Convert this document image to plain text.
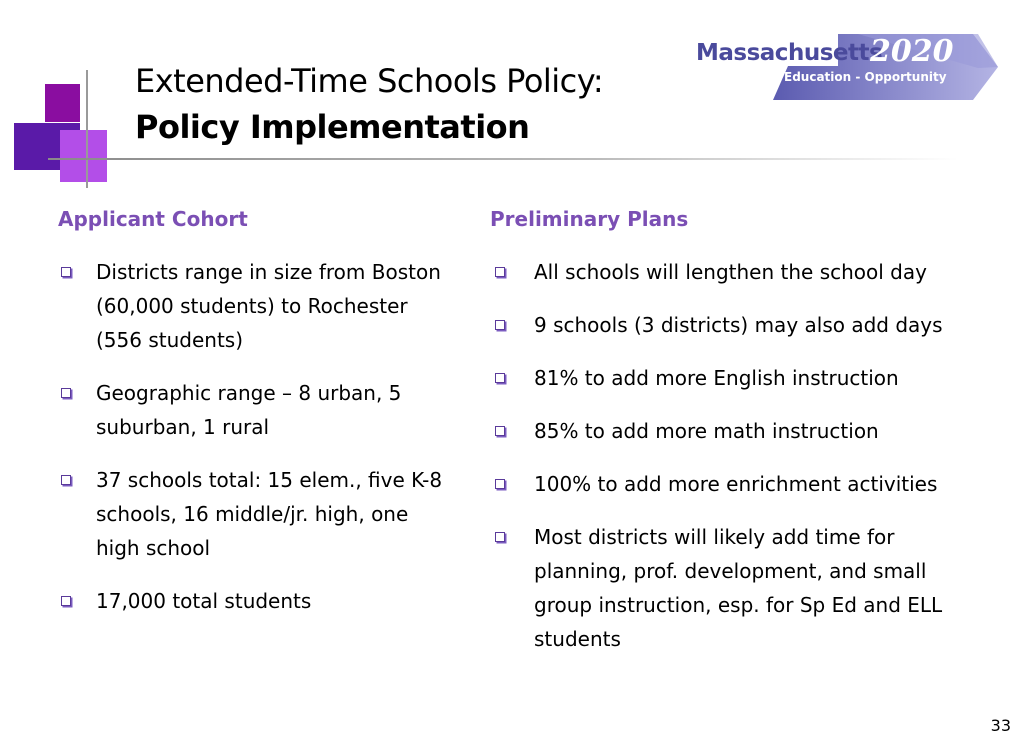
Extended-Time Schools Policy:
Policy Implementation
Massachusetts
2020
Education - Opportunity
Applicant Cohort
Districts range in size from Boston (60,000 students) to Rochester (556 students)
Geographic range – 8 urban, 5 suburban, 1 rural
37 schools total: 15 elem., five K-8 schools, 16 middle/jr. high, one high school
17,000 total students
Preliminary Plans
All schools will lengthen the school day
9 schools (3 districts) may also add days
81% to add more English instruction
85% to add more math instruction
100% to add more enrichment activities
Most districts will likely add time for planning, prof. development, and small group instruction, esp. for Sp Ed and ELL students
33
